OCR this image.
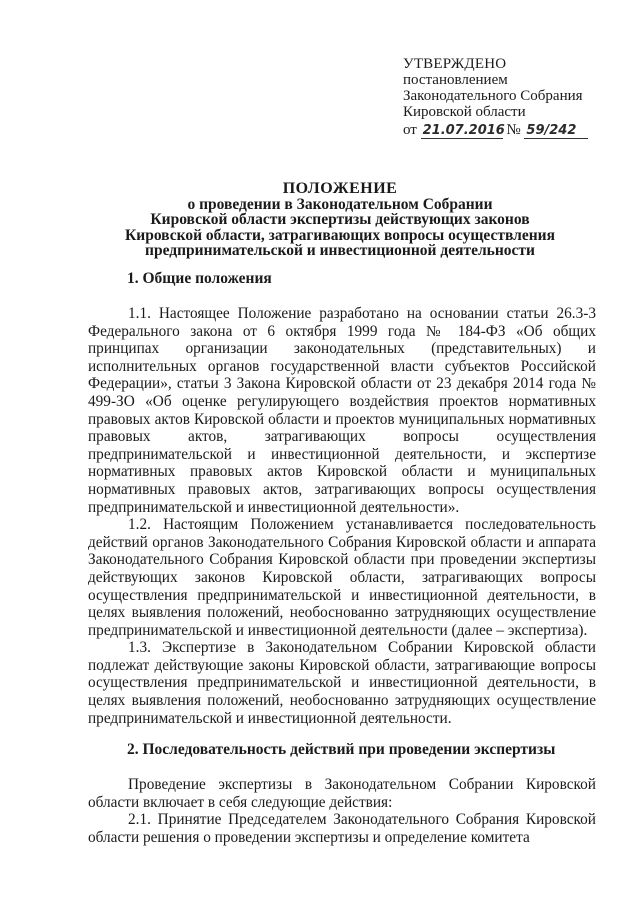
УТВЕРЖДЕНО
постановлением
Законодательного Собрания
Кировской области
от 21.07.2016 № 59/242
ПОЛОЖЕНИЕ
о проведении в Законодательном Собрании
Кировской области экспертизы действующих законов
Кировской области, затрагивающих вопросы осуществления
предпринимательской и инвестиционной деятельности
1. Общие положения

1.1. Настоящее Положение разработано на основании статьи 26.3-3 Федерального закона от 6 октября 1999 года № 184-ФЗ «Об общих принципах организации законодательных (представительных) и исполнительных органов государственной власти субъектов Российской Федерации», статьи 3 Закона Кировской области от 23 декабря 2014 года № 499-ЗО «Об оценке регулирующего воздействия проектов нормативных правовых актов Кировской области и проектов муниципальных нормативных правовых актов, затрагивающих вопросы осуществления предпринимательской и инвестиционной деятельности, и экспертизе нормативных правовых актов Кировской области и муниципальных нормативных правовых актов, затрагивающих вопросы осуществления предпринимательской и инвестиционной деятельности».

1.2. Настоящим Положением устанавливается последовательность действий органов Законодательного Собрания Кировской области и аппарата Законодательного Собрания Кировской области при проведении экспертизы действующих законов Кировской области, затрагивающих вопросы осуществления предпринимательской и инвестиционной деятельности, в целях выявления положений, необоснованно затрудняющих осуществление предпринимательской и инвестиционной деятельности (далее – экспертиза).

1.3. Экспертизе в Законодательном Собрании Кировской области подлежат действующие законы Кировской области, затрагивающие вопросы осуществления предпринимательской и инвестиционной деятельности, в целях выявления положений, необоснованно затрудняющих осуществление предпринимательской и инвестиционной деятельности.

2. Последовательность действий при проведении экспертизы

Проведение экспертизы в Законодательном Собрании Кировской области включает в себя следующие действия:

2.1. Принятие Председателем Законодательного Собрания Кировской области решения о проведении экспертизы и определение комитета
